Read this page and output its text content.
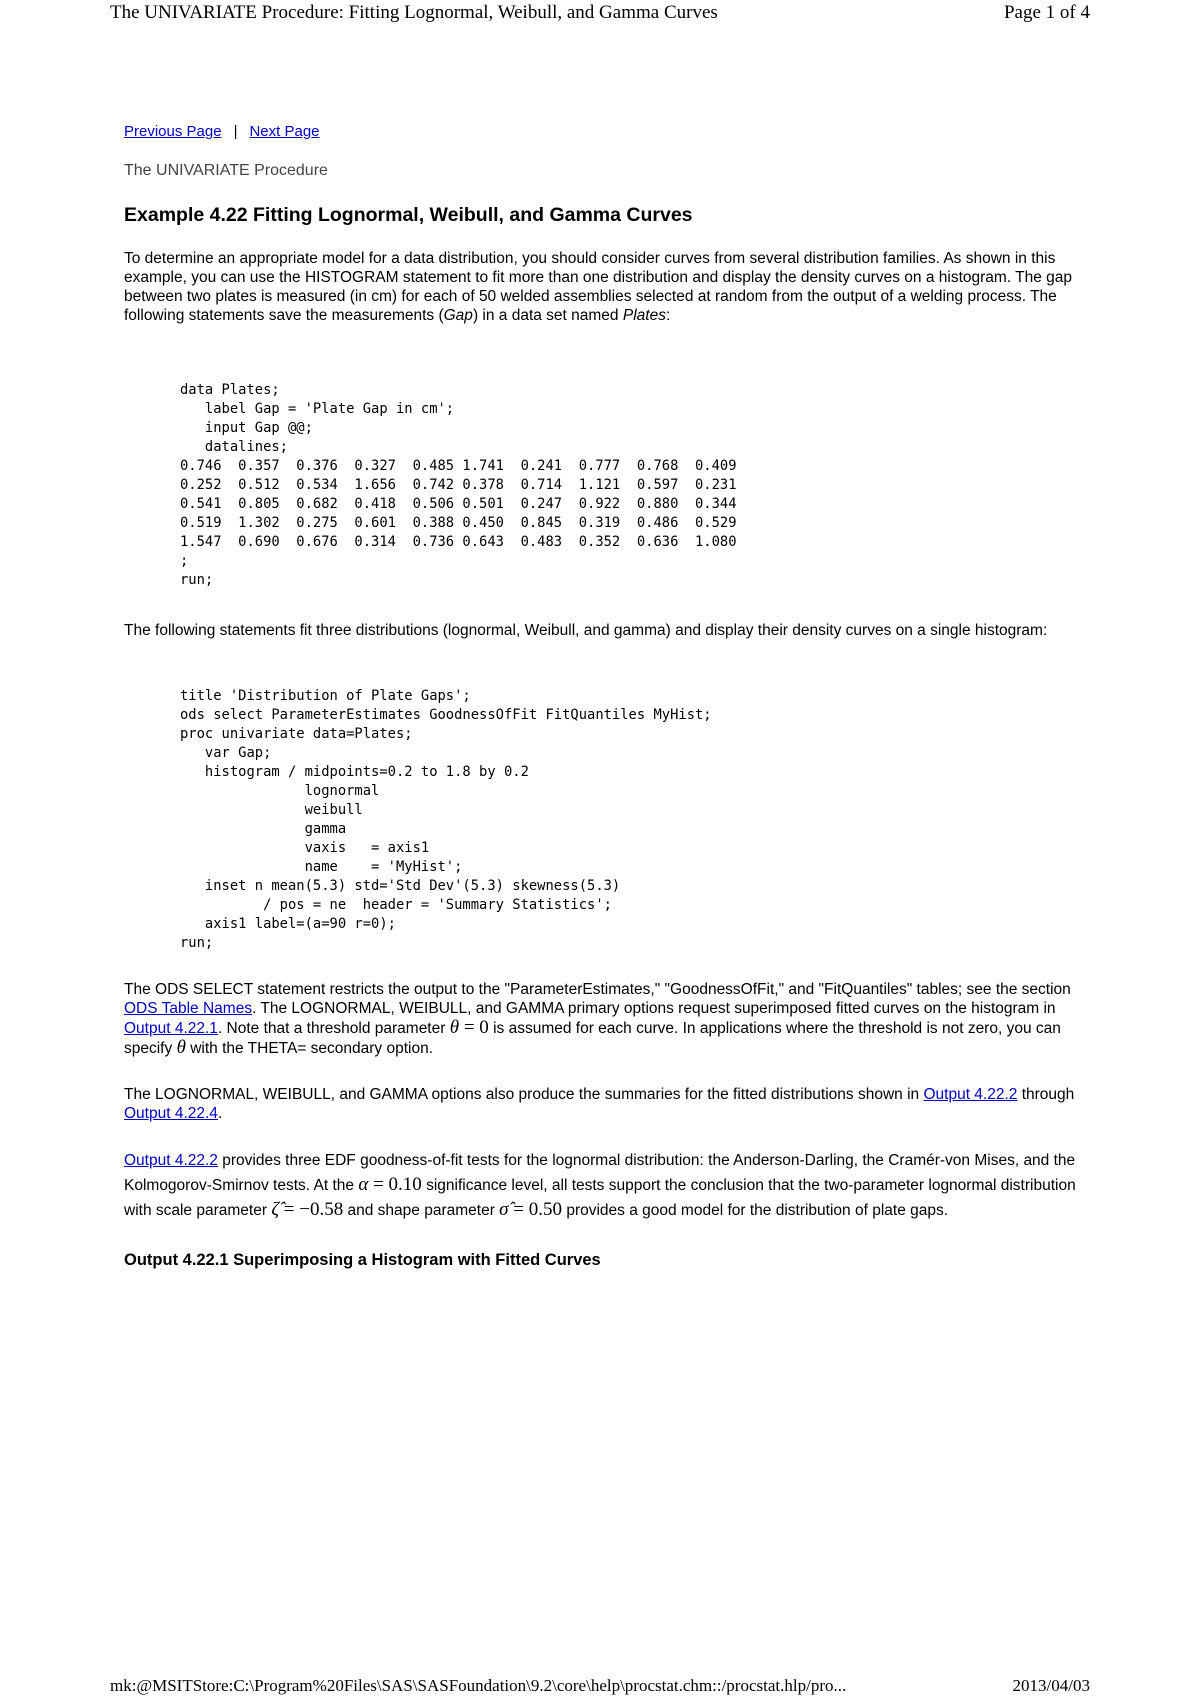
The UNIVARIATE Procedure: Fitting Lognormal, Weibull, and Gamma Curves	Page 1 of 4
Previous Page | Next Page
The UNIVARIATE Procedure
Example 4.22 Fitting Lognormal, Weibull, and Gamma Curves

To determine an appropriate model for a data distribution, you should consider curves from several distribution families. As shown in this example, you can use the HISTOGRAM statement to fit more than one distribution and display the density curves on a histogram. The gap between two plates is measured (in cm) for each of 50 welded assemblies selected at random from the output of a welding process. The following statements save the measurements (Gap) in a data set named Plates:

data Plates;
label Gap = 'Plate Gap in cm';
input Gap @@;
datalines;
0.746  0.357  0.376  0.327  0.485 1.741  0.241  0.777  0.768  0.409
0.252  0.512  0.534  1.656  0.742 0.378  0.714  1.121  0.597  0.231
0.541  0.805  0.682  0.418  0.506 0.501  0.247  0.922  0.880  0.344
0.519  1.302  0.275  0.601  0.388 0.450  0.845  0.319  0.486  0.529
1.547  0.690  0.676  0.314  0.736 0.643  0.483  0.352  0.636  1.080
;
run;

The following statements fit three distributions (lognormal, Weibull, and gamma) and display their density curves on a single histogram:

title 'Distribution of Plate Gaps';
ods select ParameterEstimates GoodnessOfFit FitQuantiles MyHist;
proc univariate data=Plates;
var Gap;
histogram / midpoints=0.2 to 1.8 by 0.2
lognormal
weibull
gamma
vaxis   = axis1
name    = 'MyHist';
inset n mean(5.3) std='Std Dev'(5.3) skewness(5.3)
/ pos = ne  header = 'Summary Statistics';
axis1 label=(a=90 r=0);
run;

The ODS SELECT statement restricts the output to the "ParameterEstimates," "GoodnessOfFit," and "FitQuantiles" tables; see the section ODS Table Names. The LOGNORMAL, WEIBULL, and GAMMA primary options request superimposed fitted curves on the histogram in Output 4.22.1. Note that a threshold parameter θ = 0 is assumed for each curve. In applications where the threshold is not zero, you can specify θ with the THETA= secondary option.

The LOGNORMAL, WEIBULL, and GAMMA options also produce the summaries for the fitted distributions shown in Output 4.22.2 through Output 4.22.4.

Output 4.22.2 provides three EDF goodness-of-fit tests for the lognormal distribution: the Anderson-Darling, the Cramér-von Mises, and the Kolmogorov-Smirnov tests. At the α = 0.10 significance level, all tests support the conclusion that the two-parameter lognormal distribution with scale parameter ζ̂ = −0.58 and shape parameter σ̂ = 0.50 provides a good model for the distribution of plate gaps.

Output 4.22.1 Superimposing a Histogram with Fitted Curves
mk:@MSITStore:C:\Program%20Files\SAS\SASFoundation\9.2\core\help\procstat.chm::/procstat.hlp/pro...	2013/04/03
